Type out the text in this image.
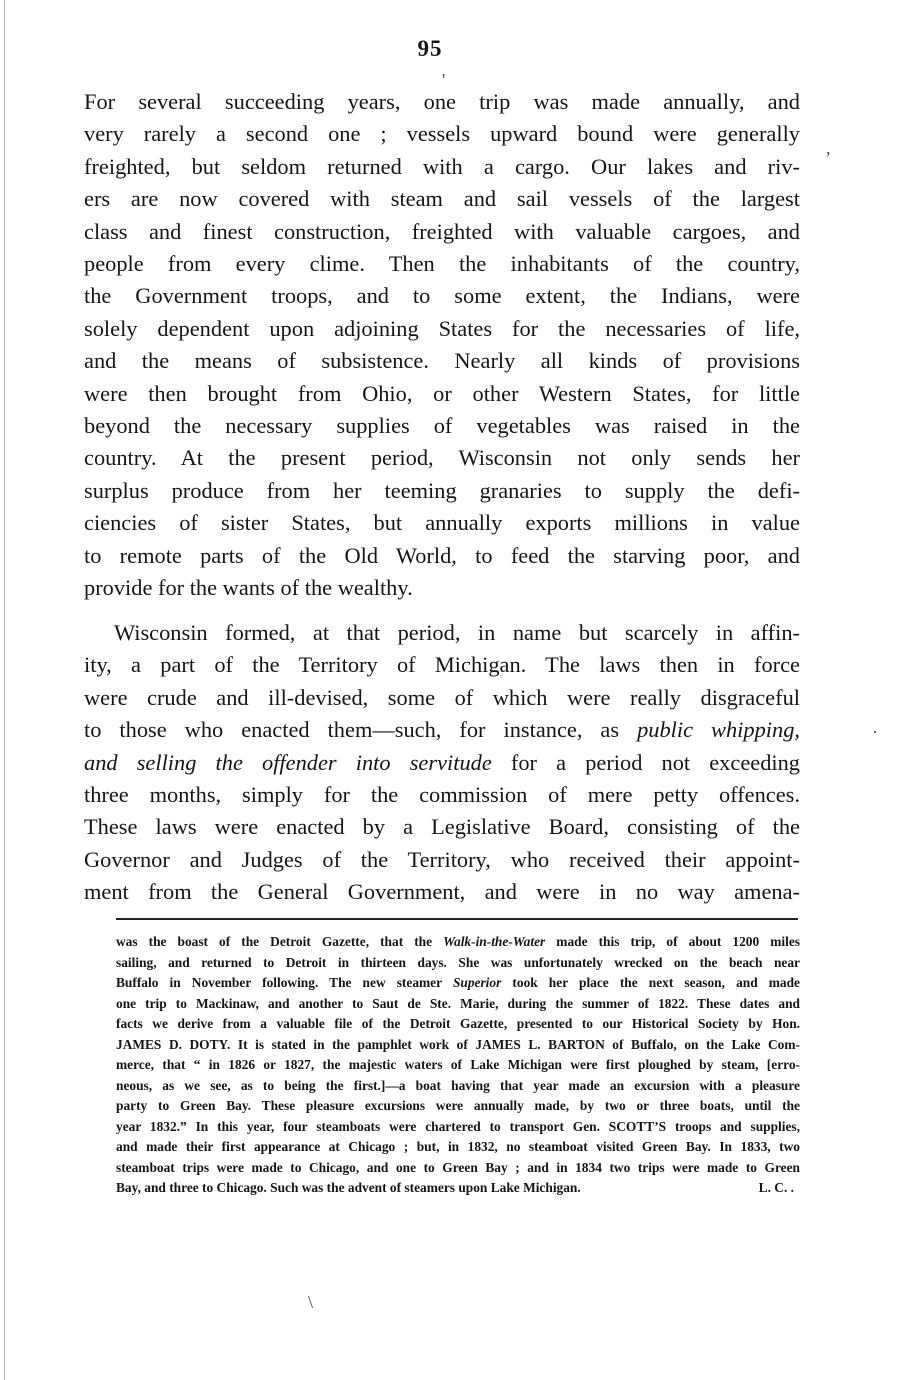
95
'
,
·
For several succeeding years, one trip was made annually, and
very rarely a second one ; vessels upward bound were generally
freighted, but seldom returned with a cargo. Our lakes and riv-
ers are now covered with steam and sail vessels of the largest
class and finest construction, freighted with valuable cargoes, and
people from every clime. Then the inhabitants of the country,
the Government troops, and to some extent, the Indians, were
solely dependent upon adjoining States for the necessaries of life,
and the means of subsistence. Nearly all kinds of provisions
were then brought from Ohio, or other Western States, for little
beyond the necessary supplies of vegetables was raised in the
country. At the present period, Wisconsin not only sends her
surplus produce from her teeming granaries to supply the defi-
ciencies of sister States, but annually exports millions in value
to remote parts of the Old World, to feed the starving poor, and
provide for the wants of the wealthy.
Wisconsin formed, at that period, in name but scarcely in affin-
ity, a part of the Territory of Michigan. The laws then in force
were crude and ill-devised, some of which were really disgraceful
to those who enacted them—such, for instance, as public whipping,
and selling the offender into servitude for a period not exceeding
three months, simply for the commission of mere petty offences.
These laws were enacted by a Legislative Board, consisting of the
Governor and Judges of the Territory, who received their appoint-
ment from the General Government, and were in no way amena-
was the boast of the Detroit Gazette, that the Walk-in-the-Water made this trip, of about 1200 miles
sailing, and returned to Detroit in thirteen days. She was unfortunately wrecked on the beach near
Buffalo in November following. The new steamer Superior took her place the next season, and made
one trip to Mackinaw, and another to Saut de Ste. Marie, during the summer of 1822. These dates and
facts we derive from a valuable file of the Detroit Gazette, presented to our Historical Society by Hon.
JAMES D. DOTY. It is stated in the pamphlet work of JAMES L. BARTON of Buffalo, on the Lake Com-
merce, that “ in 1826 or 1827, the majestic waters of Lake Michigan were first ploughed by steam, [erro-
neous, as we see, as to being the first.]—a boat having that year made an excursion with a pleasure
party to Green Bay. These pleasure excursions were annually made, by two or three boats, until the
year 1832.” In this year, four steamboats were chartered to transport Gen. SCOTT’S troops and supplies,
and made their first appearance at Chicago ; but, in 1832, no steamboat visited Green Bay. In 1833, two
steamboat trips were made to Chicago, and one to Green Bay ; and in 1834 two trips were made to Green
Bay, and three to Chicago. Such was the advent of steamers upon Lake Michigan.	L. C. .
\
